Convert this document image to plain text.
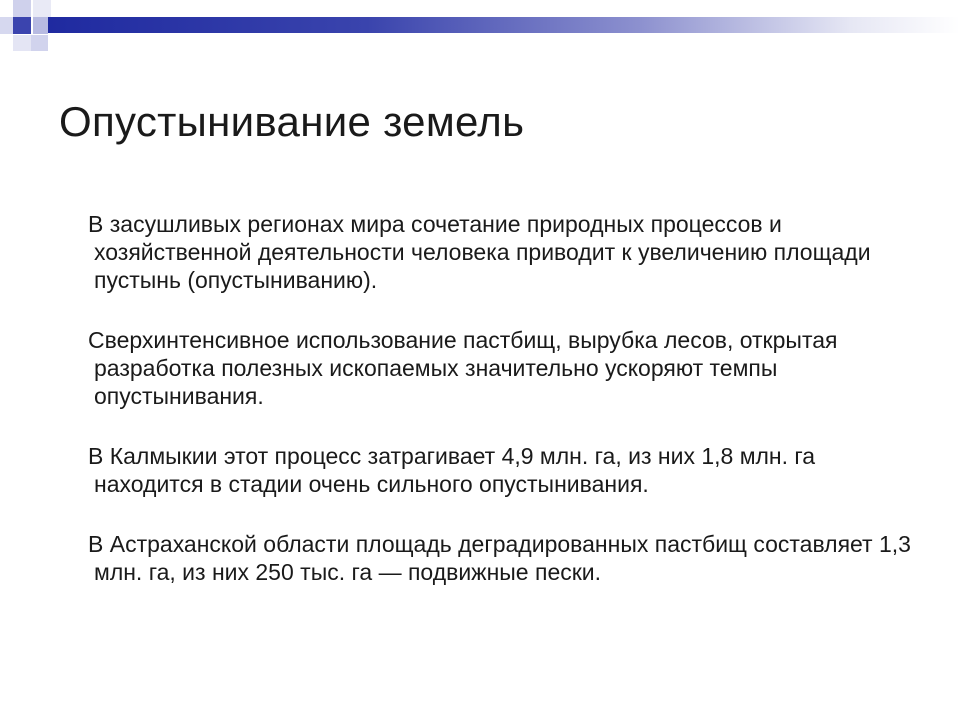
Опустынивание земель
В засушливых регионах мира сочетание природных процессов и хозяйственной деятельности человека приводит к увеличению площади пустынь (опустыниванию).
Сверхинтенсивное использование пастбищ, вырубка лесов, открытая разработка полезных ископаемых значительно ускоряют темпы опустынивания.
В Калмыкии этот процесс затрагивает 4,9 млн. га, из них 1,8 млн. га находится в стадии очень сильного опустынивания.
В Астраханской области площадь деградированных пастбищ составляет 1,3 млн. га, из них 250 тыс. га — подвижные пески.
